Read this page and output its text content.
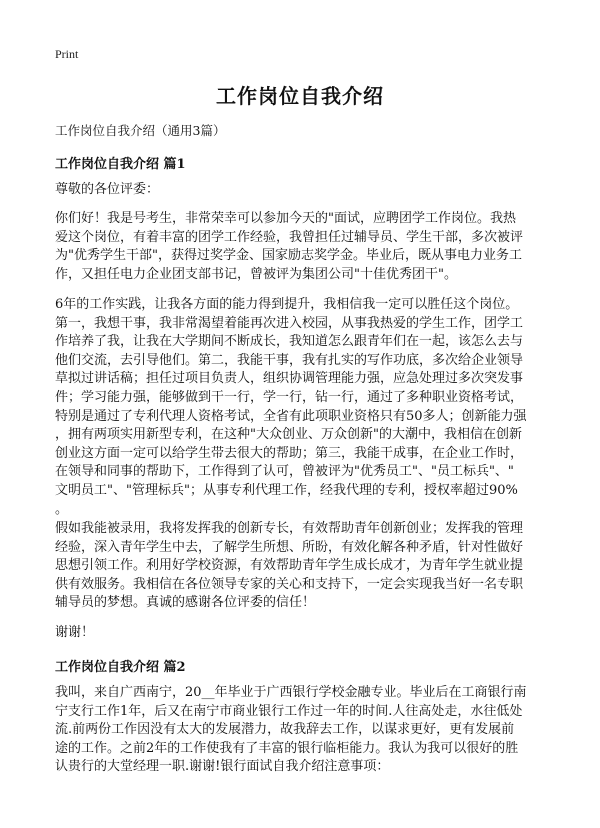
Print
工作岗位自我介绍
工作岗位自我介绍（通用3篇）
工作岗位自我介绍 篇1
尊敬的各位评委：
你们好！我是号考生，非常荣幸可以参加今天的"面试，应聘团学工作岗位。我热
爱这个岗位，有着丰富的团学工作经验，我曾担任过辅导员、学生干部，多次被评
为"优秀学生干部"，获得过奖学金、国家励志奖学金。毕业后，既从事电力业务工
作，又担任电力企业团支部书记，曾被评为集团公司"十佳优秀团干"。
6年的工作实践，让我各方面的能力得到提升，我相信我一定可以胜任这个岗位。
第一，我想干事，我非常渴望着能再次进入校园，从事我热爱的学生工作，团学工
作培养了我，让我在大学期间不断成长，我知道怎么跟青年们在一起，该怎么去与
他们交流，去引导他们。第二，我能干事，我有扎实的写作功底，多次给企业领导
草拟过讲话稿；担任过项目负责人，组织协调管理能力强，应急处理过多次突发事
件；学习能力强，能够做到干一行，学一行，钻一行，通过了多种职业资格考试，
特别是通过了专利代理人资格考试，全省有此项职业资格只有50多人；创新能力强
，拥有两项实用新型专利，在这种"大众创业、万众创新"的大潮中，我相信在创新
创业这方面一定可以给学生带去很大的帮助；第三，我能干成事，在企业工作时，
在领导和同事的帮助下，工作得到了认可，曾被评为"优秀员工"、"员工标兵"、"
文明员工"、"管理标兵"；从事专利代理工作，经我代理的专利，授权率超过90%
。
假如我能被录用，我将发挥我的创新专长，有效帮助青年创新创业；发挥我的管理
经验，深入青年学生中去，了解学生所想、所盼，有效化解各种矛盾，针对性做好
思想引领工作。利用好学校资源，有效帮助青年学生成长成才，为青年学生就业提
供有效服务。我相信在各位领导专家的关心和支持下，一定会实现我当好一名专职
辅导员的梦想。真诚的感谢各位评委的信任！
谢谢！
工作岗位自我介绍 篇2
我叫，来自广西南宁，20__年毕业于广西银行学校金融专业。毕业后在工商银行南
宁支行工作1年，后又在南宁市商业银行工作过一年的时间.人往高处走，水往低处
流.前两份工作因没有太大的发展潜力，故我辞去工作，以谋求更好，更有发展前
途的工作。之前2年的工作使我有了丰富的银行临柜能力。我认为我可以很好的胜
认贵行的大堂经理一职.谢谢!银行面试自我介绍注意事项：
